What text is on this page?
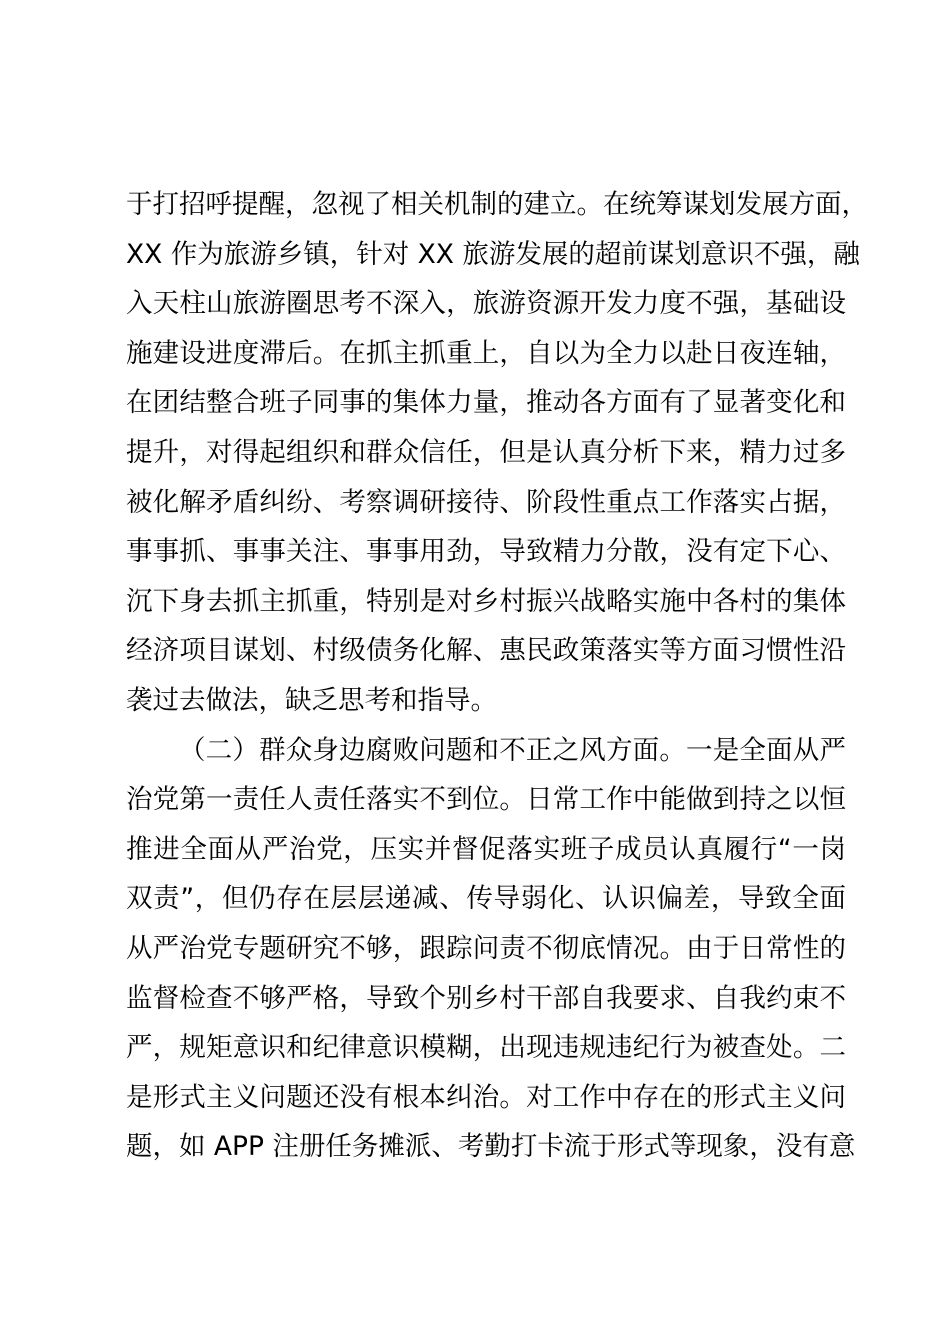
于打招呼提醒，忽视了相关机制的建立。在统筹谋划发展方面，
XX 作为旅游乡镇，针对 XX 旅游发展的超前谋划意识不强，融
入天柱山旅游圈思考不深入，旅游资源开发力度不强，基础设
施建设进度滞后。在抓主抓重上，自以为全力以赴日夜连轴，
在团结整合班子同事的集体力量，推动各方面有了显著变化和
提升，对得起组织和群众信任，但是认真分析下来，精力过多
被化解矛盾纠纷、考察调研接待、阶段性重点工作落实占据，
事事抓、事事关注、事事用劲，导致精力分散，没有定下心、
沉下身去抓主抓重，特别是对乡村振兴战略实施中各村的集体
经济项目谋划、村级债务化解、惠民政策落实等方面习惯性沿
袭过去做法，缺乏思考和指导。
（二）群众身边腐败问题和不正之风方面。一是全面从严
治党第一责任人责任落实不到位。日常工作中能做到持之以恒
推进全面从严治党，压实并督促落实班子成员认真履行“一岗
双责”，但仍存在层层递减、传导弱化、认识偏差，导致全面
从严治党专题研究不够，跟踪问责不彻底情况。由于日常性的
监督检查不够严格，导致个别乡村干部自我要求、自我约束不
严，规矩意识和纪律意识模糊，出现违规违纪行为被查处。二
是形式主义问题还没有根本纠治。对工作中存在的形式主义问
题，如 APP 注册任务摊派、考勤打卡流于形式等现象，没有意
